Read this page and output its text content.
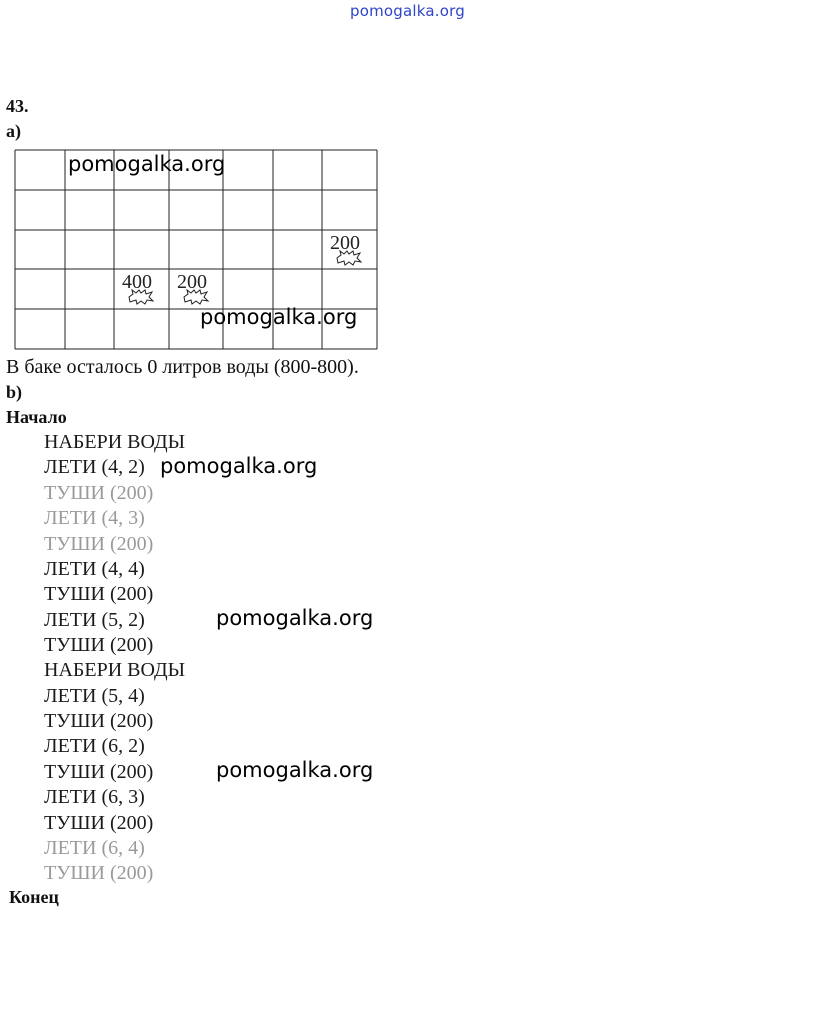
pomogalka.org
43.
a)
200
400 200
pomogalka.org
pomogalka.org
В баке осталось 0 литров воды (800-800).
b)
Начало
НАБЕРИ ВОДЫ
ЛЕТИ (4, 2)
ТУШИ (200)
ЛЕТИ (4, 3)
ТУШИ (200)
ЛЕТИ (4, 4)
ТУШИ (200)
ЛЕТИ (5, 2)
ТУШИ (200)
НАБЕРИ ВОДЫ
ЛЕТИ (5, 4)
ТУШИ (200)
ЛЕТИ (6, 2)
ТУШИ (200)
ЛЕТИ (6, 3)
ТУШИ (200)
ЛЕТИ (6, 4)
ТУШИ (200)
Конец
pomogalka.org
pomogalka.org
pomogalka.org
